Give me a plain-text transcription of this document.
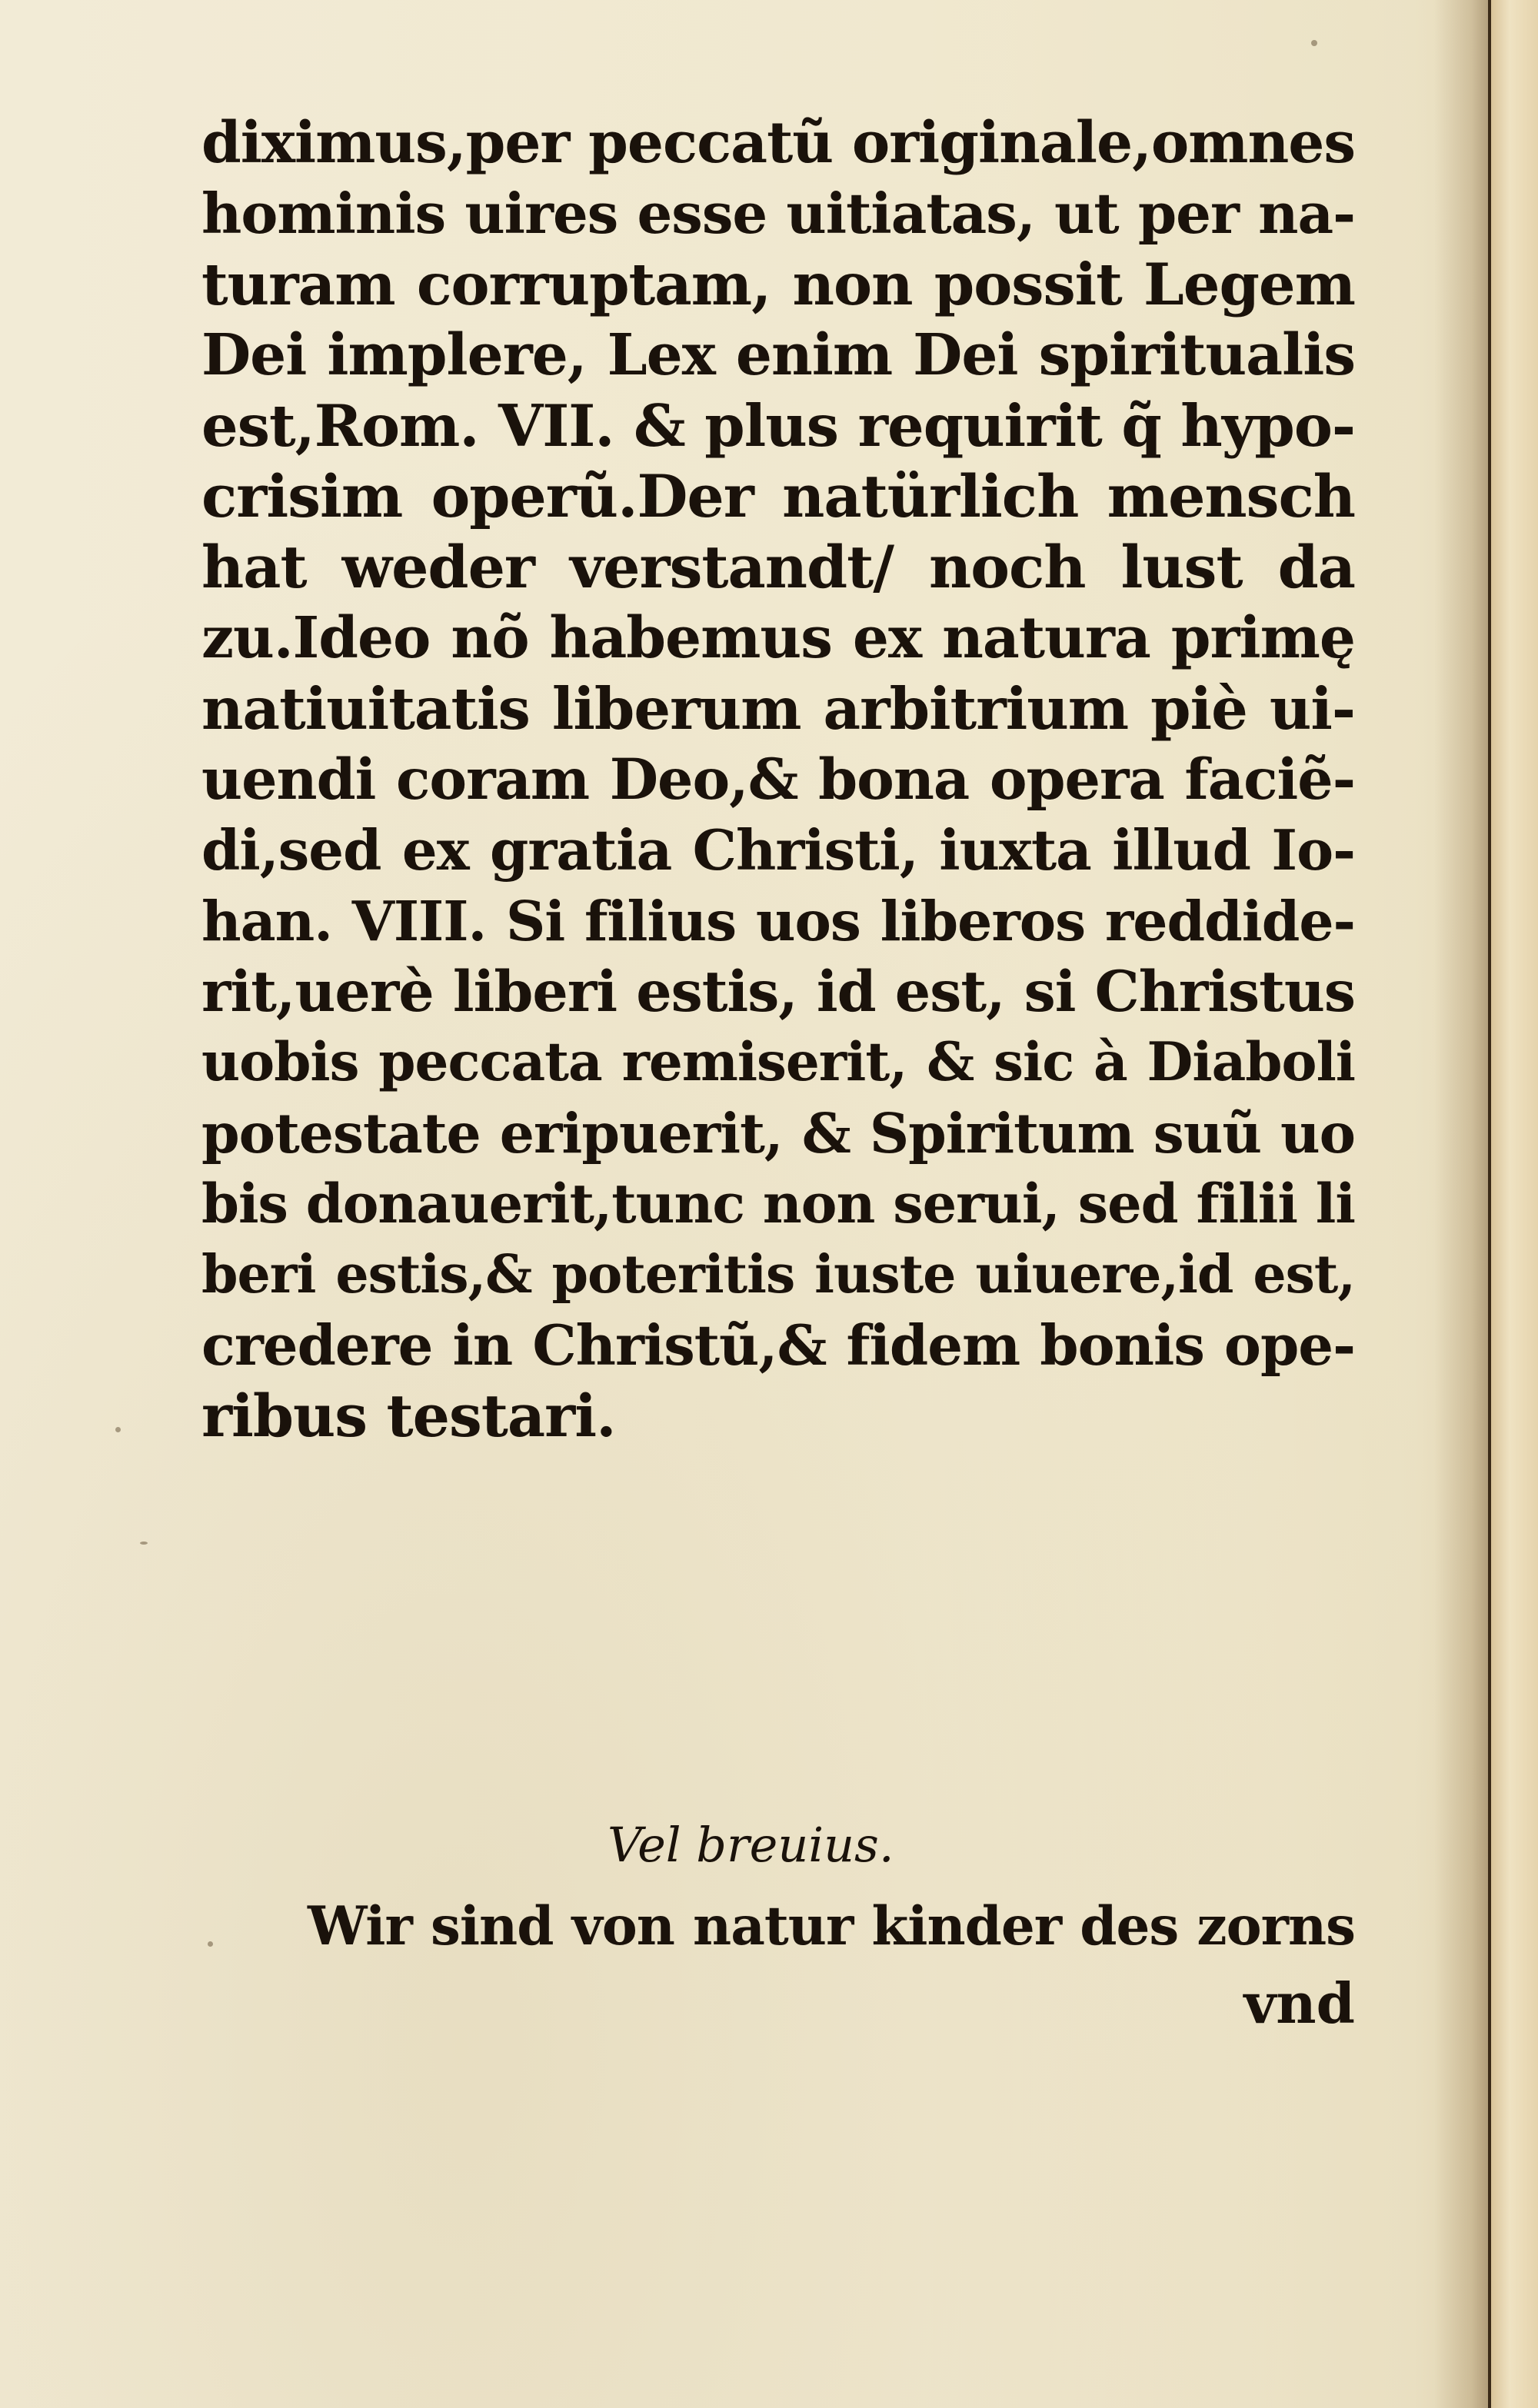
diximus,per peccatũ originale,omnes
hominis uires esse uitiatas, ut per na-
turam corruptam, non possit Legem
Dei implere, Lex enim Dei spiritualis
est,Rom. VII. & plus requirit q̃ hypo-
crisim operũ.Der natürlich mensch
hat weder verstandt/ noch lust da
zu.Ideo nõ habemus ex natura primę
natiuitatis liberum arbitrium piè ui-
uendi coram Deo,& bona opera faciẽ-
di,sed ex gratia Christi, iuxta illud Io-
han. VIII. Si filius uos liberos reddide-
rit,uerè liberi estis, id est, si Christus
uobis peccata remiserit, & sic à Diaboli
potestate eripuerit, & Spiritum suũ uo
bis donauerit,tunc non serui, sed filii li
beri estis,& poteritis iuste uiuere,id est,
credere in Christũ,& fidem bonis ope-
ribus testari.
Vel breuius.
Wir sind von natur kinder des zorns
vnd
